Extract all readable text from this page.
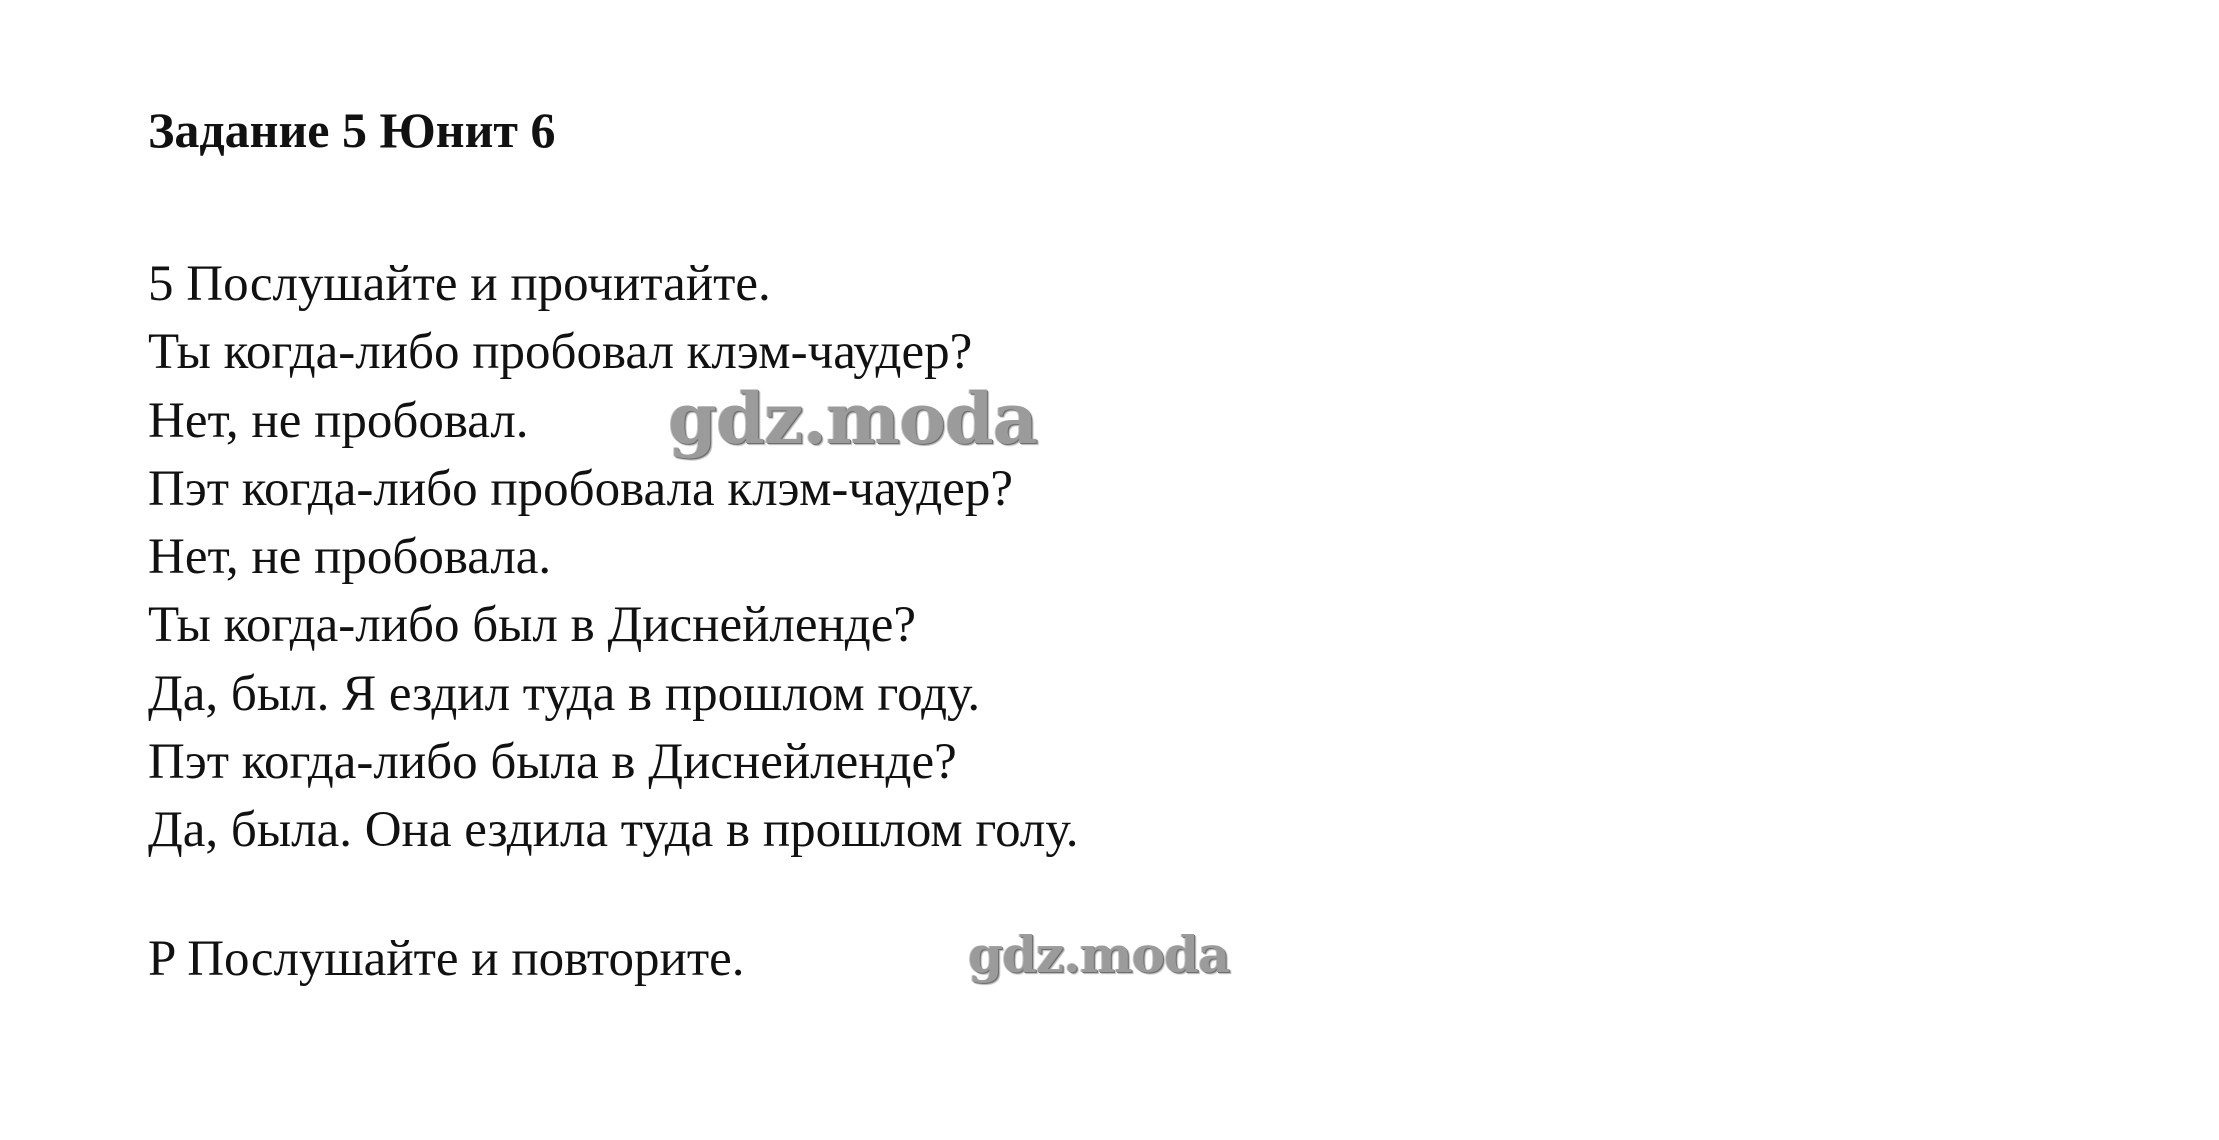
Задание 5 Юнит 6
5 Послушайте и прочитайте.
Ты когда-либо пробовал клэм-чаудер?
Нет, не пробовал.
Пэт когда-либо пробовала клэм-чаудер?
Нет, не пробовала.
Ты когда-либо был в Диснейленде?
Да, был. Я ездил туда в прошлом году.
Пэт когда-либо была в Диснейленде?
Да, была. Она ездила туда в прошлом голу.
P Послушайте и повторите.
gdz.moda
gdz.moda
